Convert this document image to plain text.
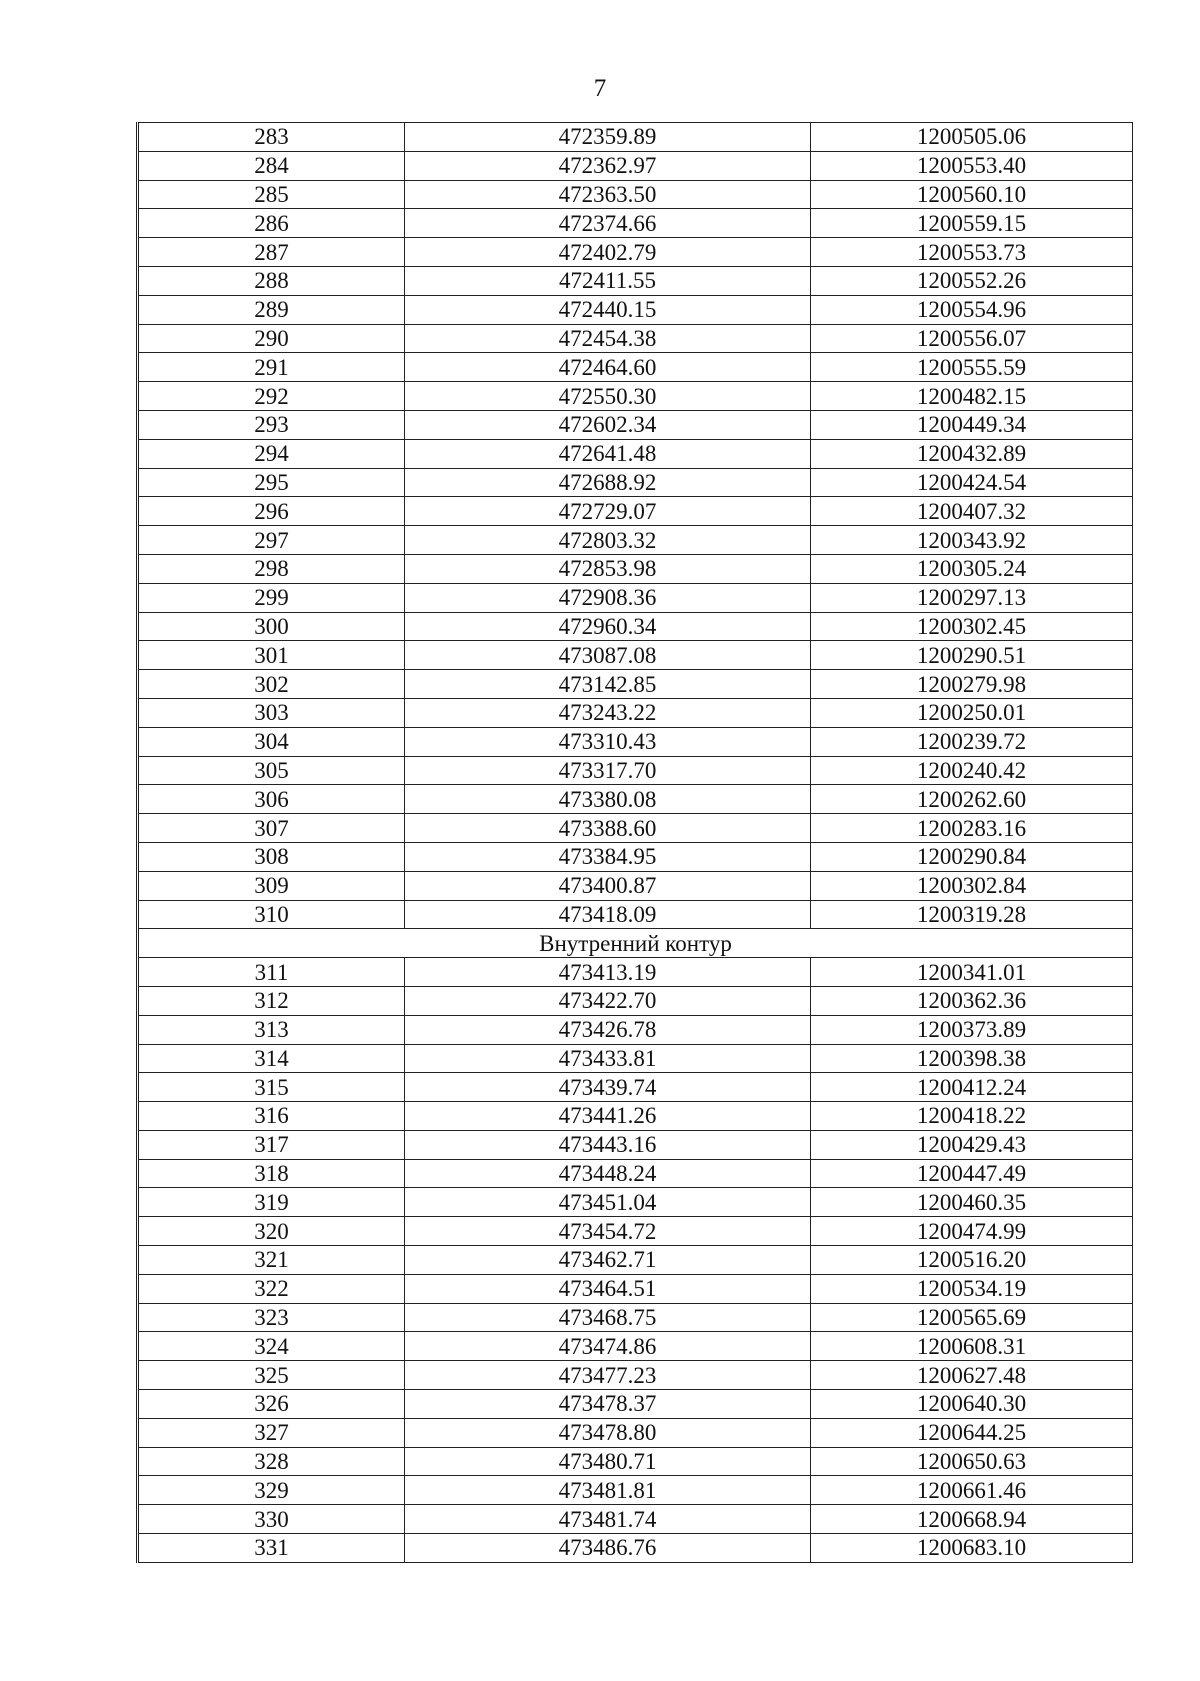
7
283	472359.89	1200505.06
284	472362.97	1200553.40
285	472363.50	1200560.10
286	472374.66	1200559.15
287	472402.79	1200553.73
288	472411.55	1200552.26
289	472440.15	1200554.96
290	472454.38	1200556.07
291	472464.60	1200555.59
292	472550.30	1200482.15
293	472602.34	1200449.34
294	472641.48	1200432.89
295	472688.92	1200424.54
296	472729.07	1200407.32
297	472803.32	1200343.92
298	472853.98	1200305.24
299	472908.36	1200297.13
300	472960.34	1200302.45
301	473087.08	1200290.51
302	473142.85	1200279.98
303	473243.22	1200250.01
304	473310.43	1200239.72
305	473317.70	1200240.42
306	473380.08	1200262.60
307	473388.60	1200283.16
308	473384.95	1200290.84
309	473400.87	1200302.84
310	473418.09	1200319.28
Внутренний контур		
311	473413.19	1200341.01
312	473422.70	1200362.36
313	473426.78	1200373.89
314	473433.81	1200398.38
315	473439.74	1200412.24
316	473441.26	1200418.22
317	473443.16	1200429.43
318	473448.24	1200447.49
319	473451.04	1200460.35
320	473454.72	1200474.99
321	473462.71	1200516.20
322	473464.51	1200534.19
323	473468.75	1200565.69
324	473474.86	1200608.31
325	473477.23	1200627.48
326	473478.37	1200640.30
327	473478.80	1200644.25
328	473480.71	1200650.63
329	473481.81	1200661.46
330	473481.74	1200668.94
331	473486.76	1200683.10
